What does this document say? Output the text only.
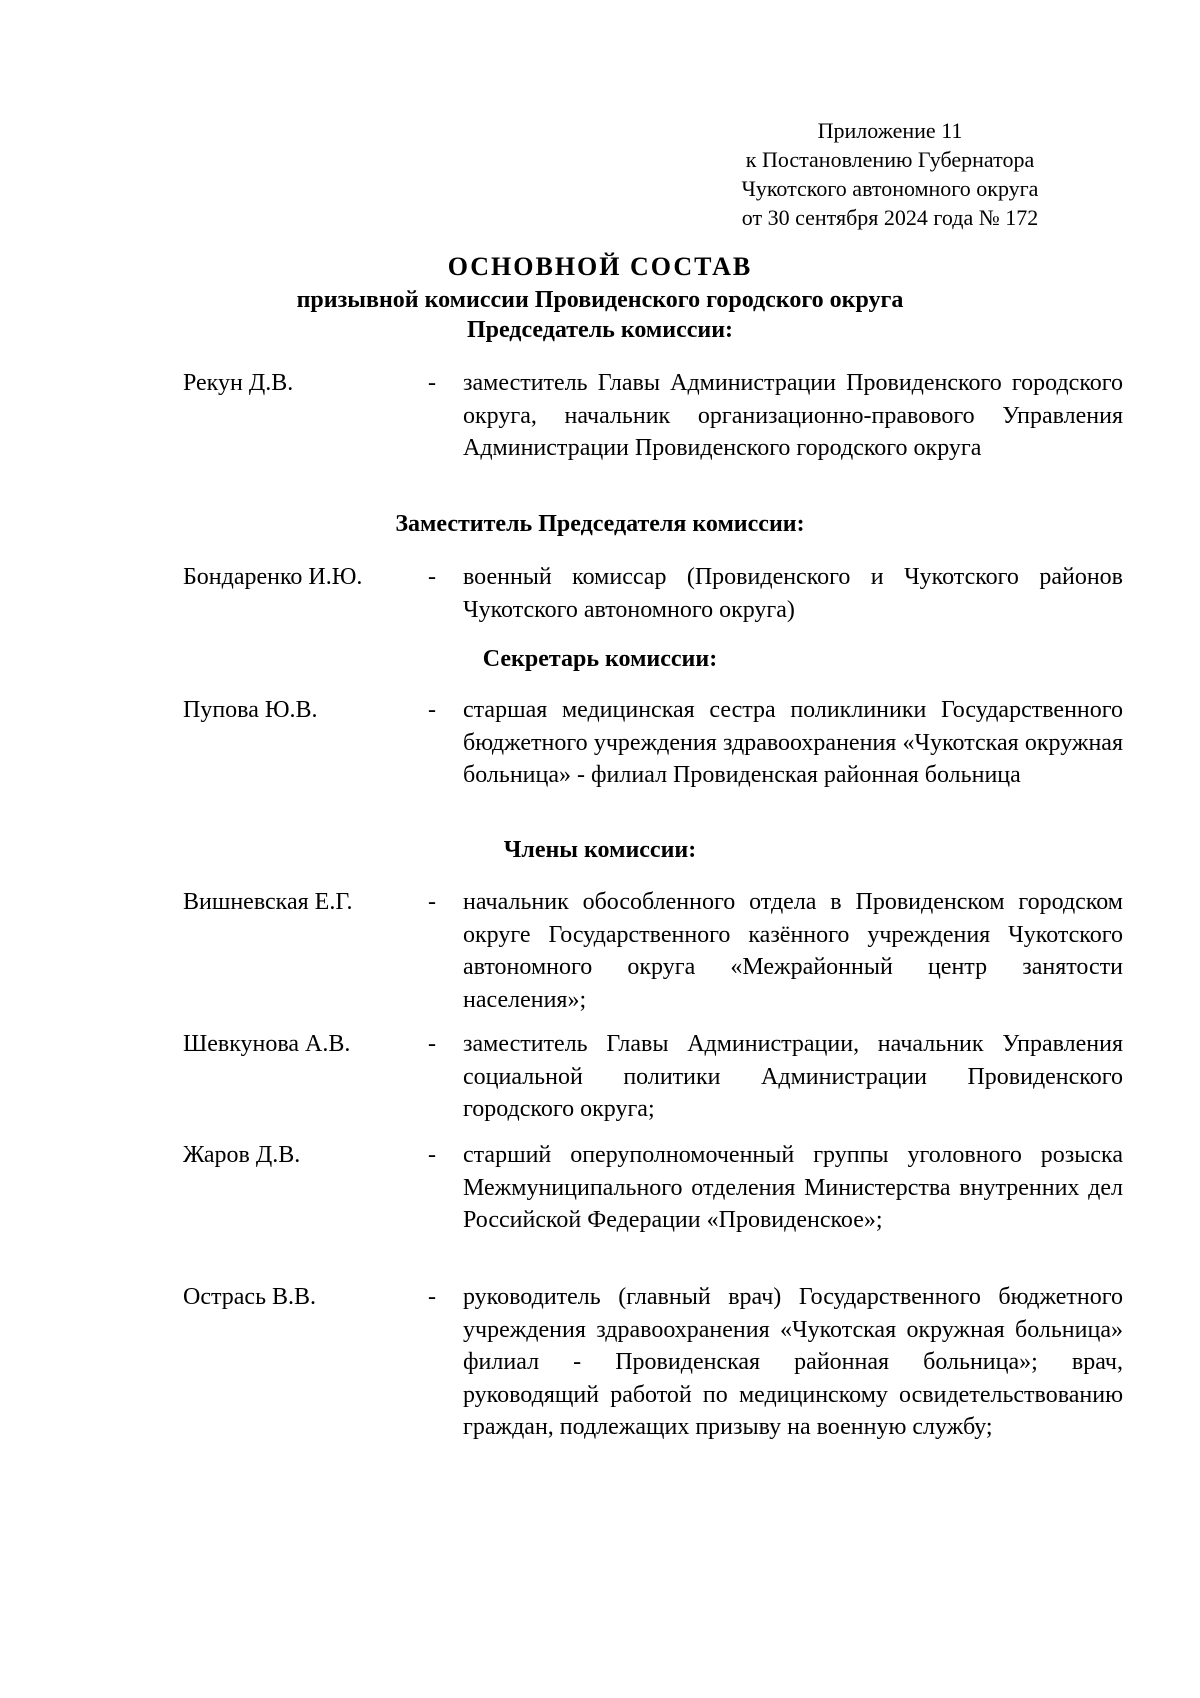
Приложение 11
к Постановлению Губернатора
Чукотского автономного округа
от 30 сентября 2024 года № 172
ОСНОВНОЙ СОСТАВ
призывной комиссии Провиденского городского округа
Председатель комиссии:
Рекун Д.В.	- заместитель Главы Администрации Провиденского городского округа, начальник организационно-правового Управления Администрации Провиденского городского округа
Заместитель Председателя комиссии:
Бондаренко И.Ю.	- военный комиссар (Провиденского и Чукотского районов Чукотского автономного округа)
Секретарь комиссии:
Пупова Ю.В.	- старшая медицинская сестра поликлиники Государственного бюджетного учреждения здравоохранения «Чукотская окружная больница» - филиал Провиденская районная больница
Члены комиссии:
Вишневская Е.Г.	- начальник обособленного отдела в Провиденском городском округе Государственного казённого учреждения Чукотского автономного округа «Межрайонный центр занятости населения»;
Шевкунова А.В.	- заместитель Главы Администрации, начальник Управления социальной политики Администрации Провиденского городского округа;
Жаров Д.В.	- старший оперуполномоченный группы уголовного розыска Межмуниципального отделения Министерства внутренних дел Российской Федерации «Провиденское»;
Острась В.В.	- руководитель (главный врач) Государственного бюджетного учреждения здравоохранения «Чукотская окружная больница» филиал - Провиденская районная больница»; врач, руководящий работой по медицинскому освидетельствованию граждан, подлежащих призыву на военную службу;
